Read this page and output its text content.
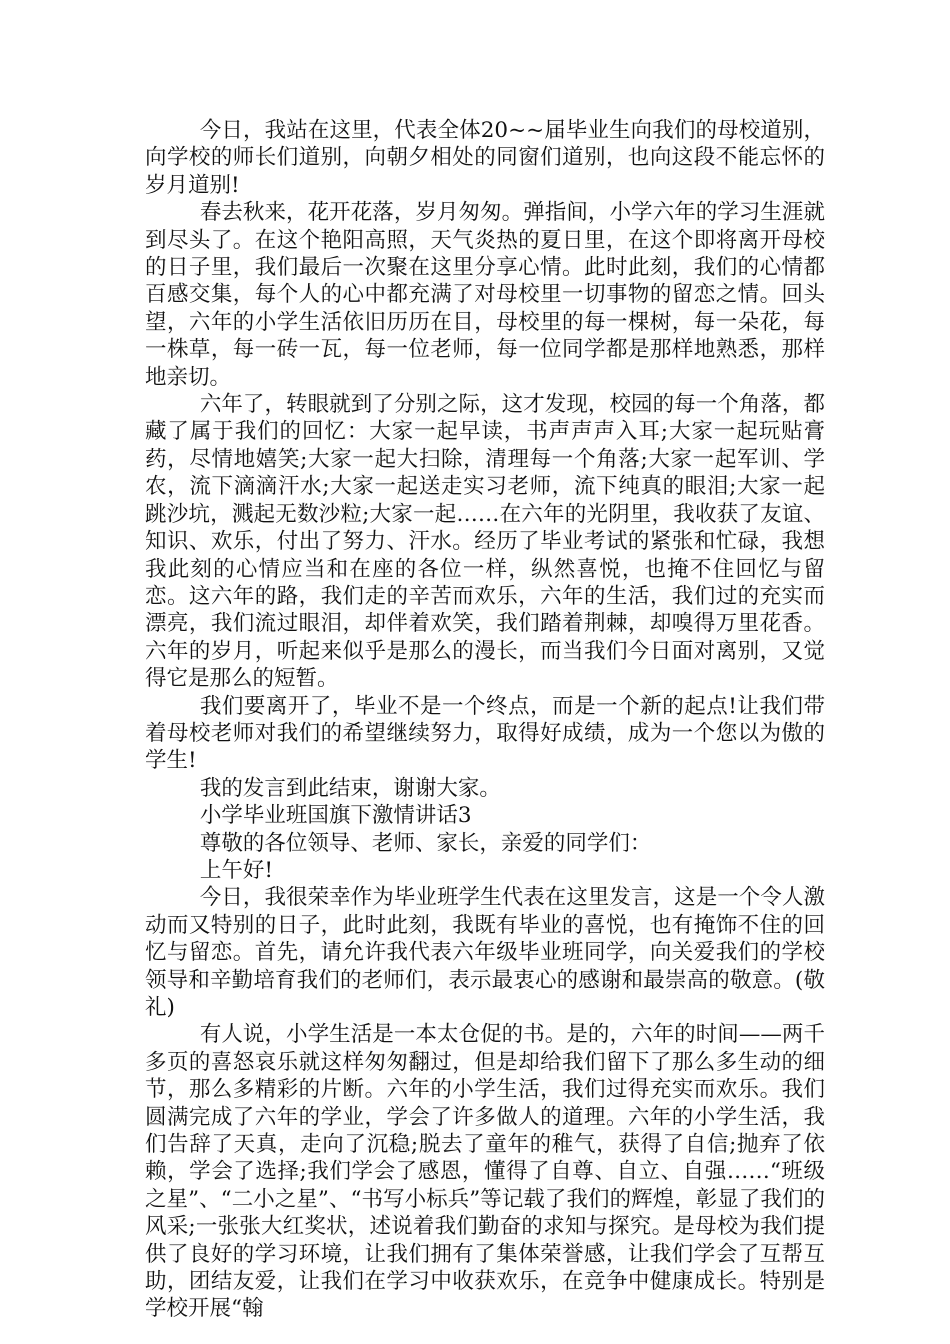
今日，我站在这里，代表全体20~~届毕业生向我们的母校道别，向学校的师长们道别，向朝夕相处的同窗们道别，也向这段不能忘怀的岁月道别!

春去秋来，花开花落，岁月匆匆。弹指间，小学六年的学习生涯就到尽头了。在这个艳阳高照，天气炎热的夏日里，在这个即将离开母校的日子里，我们最后一次聚在这里分享心情。此时此刻，我们的心情都百感交集，每个人的心中都充满了对母校里一切事物的留恋之情。回头望，六年的小学生活依旧历历在目，母校里的每一棵树，每一朵花，每一株草，每一砖一瓦，每一位老师，每一位同学都是那样地熟悉，那样地亲切。

六年了，转眼就到了分别之际，这才发现，校园的每一个角落，都藏了属于我们的回忆：大家一起早读，书声声声入耳;大家一起玩贴膏药，尽情地嬉笑;大家一起大扫除，清理每一个角落;大家一起军训、学农，流下滴滴汗水;大家一起送走实习老师，流下纯真的眼泪;大家一起跳沙坑，溅起无数沙粒;大家一起……在六年的光阴里，我收获了友谊、知识、欢乐，付出了努力、汗水。经历了毕业考试的紧张和忙碌，我想我此刻的心情应当和在座的各位一样，纵然喜悦，也掩不住回忆与留恋。这六年的路，我们走的辛苦而欢乐，六年的生活，我们过的充实而漂亮，我们流过眼泪，却伴着欢笑，我们踏着荆棘，却嗅得万里花香。六年的岁月，听起来似乎是那么的漫长，而当我们今日面对离别，又觉得它是那么的短暂。

我们要离开了，毕业不是一个终点，而是一个新的起点!让我们带着母校老师对我们的希望继续努力，取得好成绩，成为一个您以为傲的学生!

我的发言到此结束，谢谢大家。

小学毕业班国旗下激情讲话3

尊敬的各位领导、老师、家长，亲爱的同学们：

上午好!

今日，我很荣幸作为毕业班学生代表在这里发言，这是一个令人激动而又特别的日子，此时此刻，我既有毕业的喜悦，也有掩饰不住的回忆与留恋。首先，请允许我代表六年级毕业班同学，向关爱我们的学校领导和辛勤培育我们的老师们，表示最衷心的感谢和最崇高的敬意。(敬礼)

有人说，小学生活是一本太仓促的书。是的，六年的时间——两千多页的喜怒哀乐就这样匆匆翻过，但是却给我们留下了那么多生动的细节，那么多精彩的片断。六年的小学生活，我们过得充实而欢乐。我们圆满完成了六年的学业，学会了许多做人的道理。六年的小学生活，我们告辞了天真，走向了沉稳;脱去了童年的稚气，获得了自信;抛弃了依赖，学会了选择;我们学会了感恩，懂得了自尊、自立、自强……“班级之星”、“二小之星”、“书写小标兵”等记载了我们的辉煌，彰显了我们的风采;一张张大红奖状，述说着我们勤奋的求知与探究。是母校为我们提供了良好的学习环境，让我们拥有了集体荣誉感，让我们学会了互帮互助，团结友爱，让我们在学习中收获欢乐，在竞争中健康成长。特别是学校开展“翰
